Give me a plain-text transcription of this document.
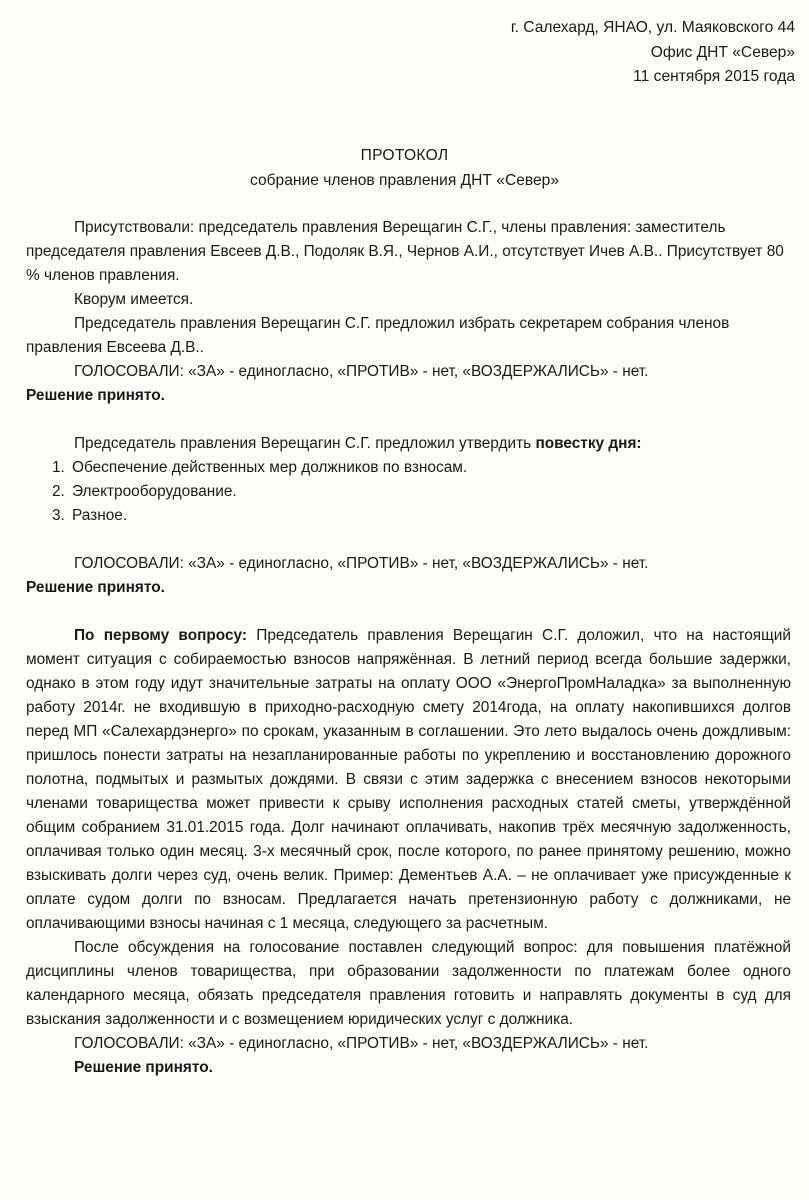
г. Салехард, ЯНАО, ул. Маяковского 44
Офис ДНТ «Север»
11 сентября 2015 года
ПРОТОКОЛ
собрание членов правления ДНТ «Север»

Присутствовали: председатель правления Верещагин С.Г., члены правления: заместитель председателя правления Евсеев Д.В., Подоляк В.Я., Чернов А.И., отсутствует Ичев А.В.. Присутствует 80 % членов правления.

Кворум имеется.

Председатель правления Верещагин С.Г. предложил избрать секретарем собрания членов правления Евсеева Д.В..

ГОЛОСОВАЛИ: «ЗА» - единогласно, «ПРОТИВ» - нет, «ВОЗДЕРЖАЛИСЬ» - нет.

Решение принято.

Председатель правления Верещагин С.Г. предложил утвердить повестку дня:

1. Обеспечение действенных мер должников по взносам.
2. Электрооборудование.
3. Разное.

ГОЛОСОВАЛИ: «ЗА» - единогласно, «ПРОТИВ» - нет, «ВОЗДЕРЖАЛИСЬ» - нет.

Решение принято.

По первому вопросу: Председатель правления Верещагин С.Г. доложил, что на настоящий момент ситуация с собираемостью взносов напряжённая. В летний период всегда большие задержки, однако в этом году идут значительные затраты на оплату ООО «ЭнергоПромНаладка» за выполненную работу 2014г. не входившую в приходно-расходную смету 2014года, на оплату накопившихся долгов перед МП «Салехардэнерго» по срокам, указанным в соглашении. Это лето выдалось очень дождливым: пришлось понести затраты на незапланированные работы по укреплению и восстановлению дорожного полотна, подмытых и размытых дождями. В связи с этим задержка с внесением взносов некоторыми членами товарищества может привести к срыву исполнения расходных статей сметы, утверждённой общим собранием 31.01.2015 года. Долг начинают оплачивать, накопив трёх месячную задолженность, оплачивая только один месяц. 3-х месячный срок, после которого, по ранее принятому решению, можно взыскивать долги через суд, очень велик. Пример: Дементьев А.А. – не оплачивает уже присужденные к оплате судом долги по взносам. Предлагается начать претензионную работу с должниками, не оплачивающими взносы начиная с 1 месяца, следующего за расчетным.

После обсуждения на голосование поставлен следующий вопрос: для повышения платёжной дисциплины членов товарищества, при образовании задолженности по платежам более одного календарного месяца, обязать председателя правления готовить и направлять документы в суд для взыскания задолженности и с возмещением юридических услуг с должника.

ГОЛОСОВАЛИ: «ЗА» - единогласно, «ПРОТИВ» - нет, «ВОЗДЕРЖАЛИСЬ» - нет.

Решение принято.
